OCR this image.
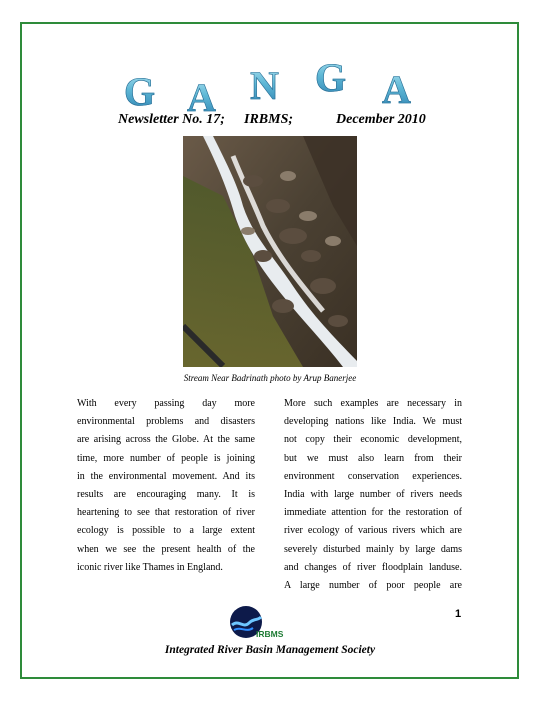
G A N G A
Newsletter No. 17; IRBMS;	December 2010
Stream Near Badrinath photo by Arup Banerjee
With every passing day more
environmental problems and disasters
are arising across the Globe. At the same
time, more number of people is joining
in the environmental movement. And its
results are encouraging many. It is
heartening to see that restoration of river
ecology is possible to a large extent
when we see the present health of the
iconic river like Thames in England.
More such examples are necessary in
developing nations like India. We must
not copy their economic development,
but we must also learn from their
environment conservation experiences.
India with large number of rivers needs
immediate attention for the restoration of
river ecology of various rivers which are
severely disturbed mainly by large dams
and changes of river floodplain landuse.
A large number of poor people are
1
IRBMS
Integrated River Basin Management Society
